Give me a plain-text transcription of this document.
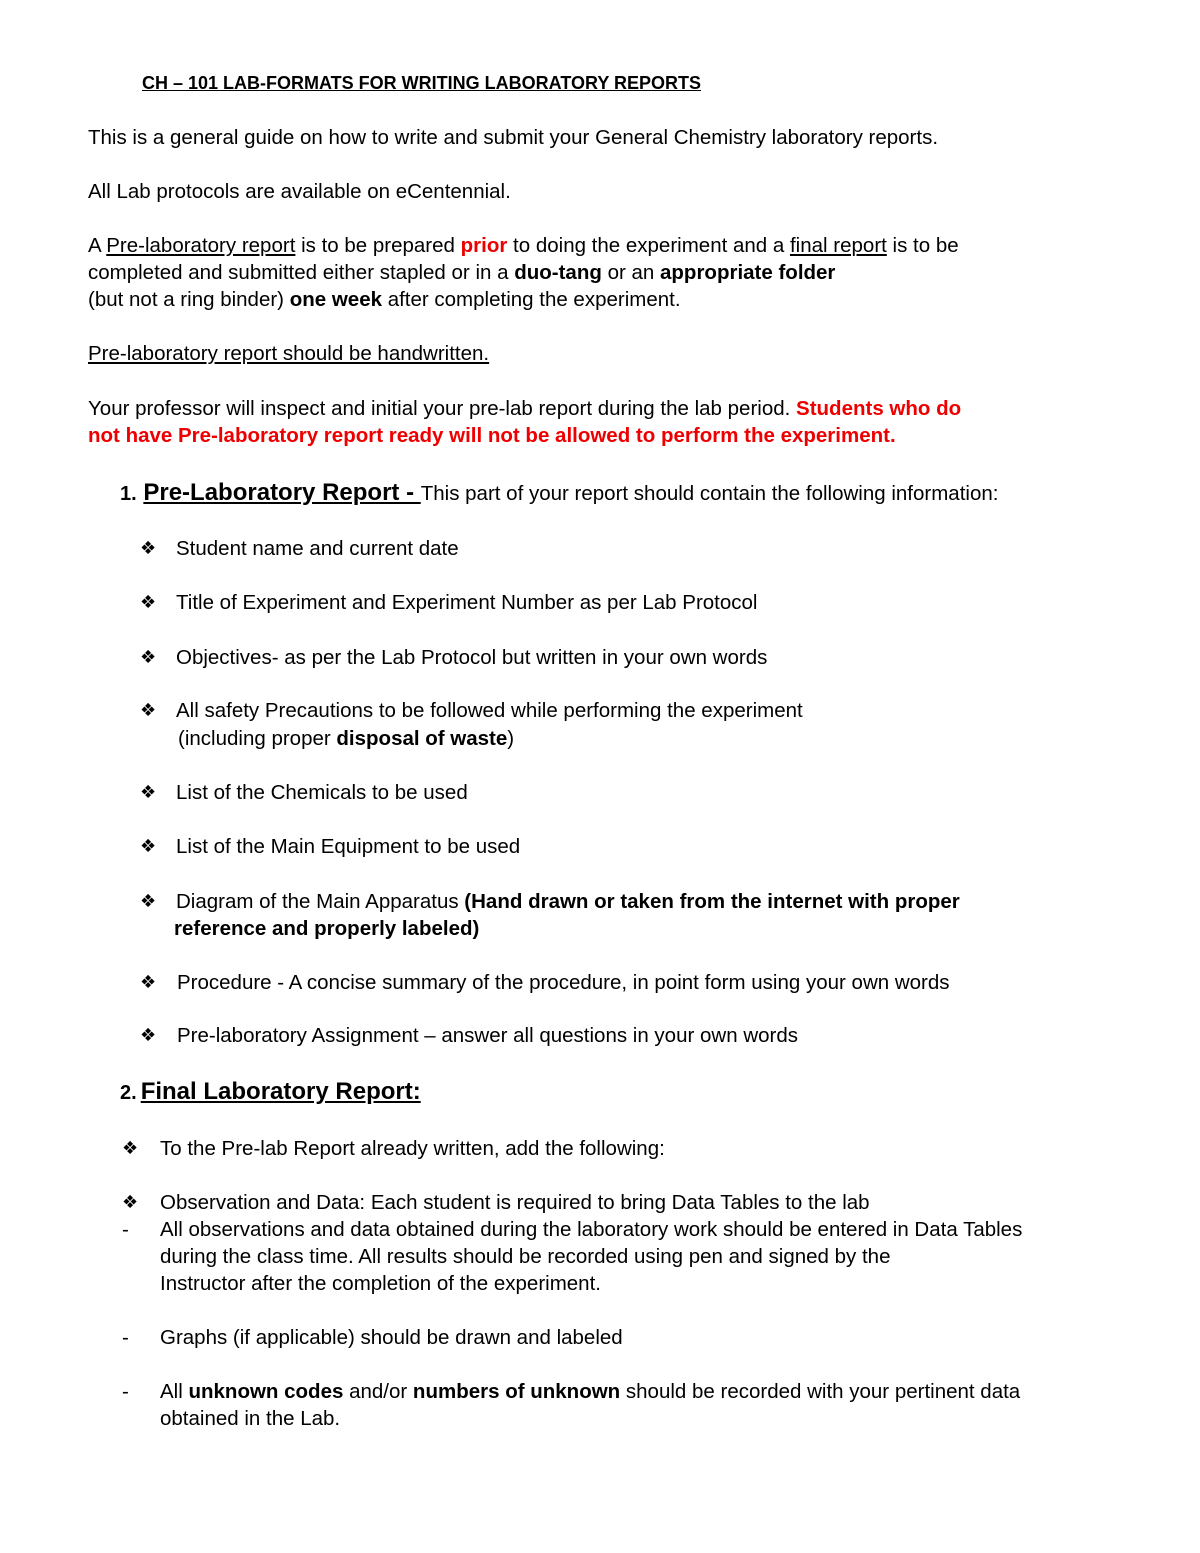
CH – 101 LAB-FORMATS FOR WRITING LABORATORY REPORTS
This is a general guide on how to write and submit your General Chemistry laboratory reports.
All Lab protocols are available on eCentennial.
A Pre-laboratory report is to be prepared prior to doing the experiment and a final report is to be
completed and submitted either stapled or in a duo-tang or an appropriate folder
(but not a ring binder) one week after completing the experiment.
Pre-laboratory report should be handwritten.
Your professor will inspect and initial your pre-lab report during the lab period. Students who do
not have Pre-laboratory report ready will not be allowed to perform the experiment.
1. Pre-Laboratory Report - This part of your report should contain the following information:
❖ Student name and current date
❖ Title of Experiment and Experiment Number as per Lab Protocol
❖ Objectives- as per the Lab Protocol but written in your own words
❖ All safety Precautions to be followed while performing the experiment
(including proper disposal of waste)
❖ List of the Chemicals to be used
❖ List of the Main Equipment to be used
❖ Diagram of the Main Apparatus (Hand drawn or taken from the internet with proper
reference and properly labeled)
❖ Procedure - A concise summary of the procedure, in point form using your own words
❖ Pre-laboratory Assignment – answer all questions in your own words
2. Final Laboratory Report:
❖ To the Pre-lab Report already written, add the following:
❖ Observation and Data: Each student is required to bring Data Tables to the lab
- All observations and data obtained during the laboratory work should be entered in Data Tables
during the class time. All results should be recorded using pen and signed by the
Instructor after the completion of the experiment.
- Graphs (if applicable) should be drawn and labeled
- All unknown codes and/or numbers of unknown should be recorded with your pertinent data
obtained in the Lab.
